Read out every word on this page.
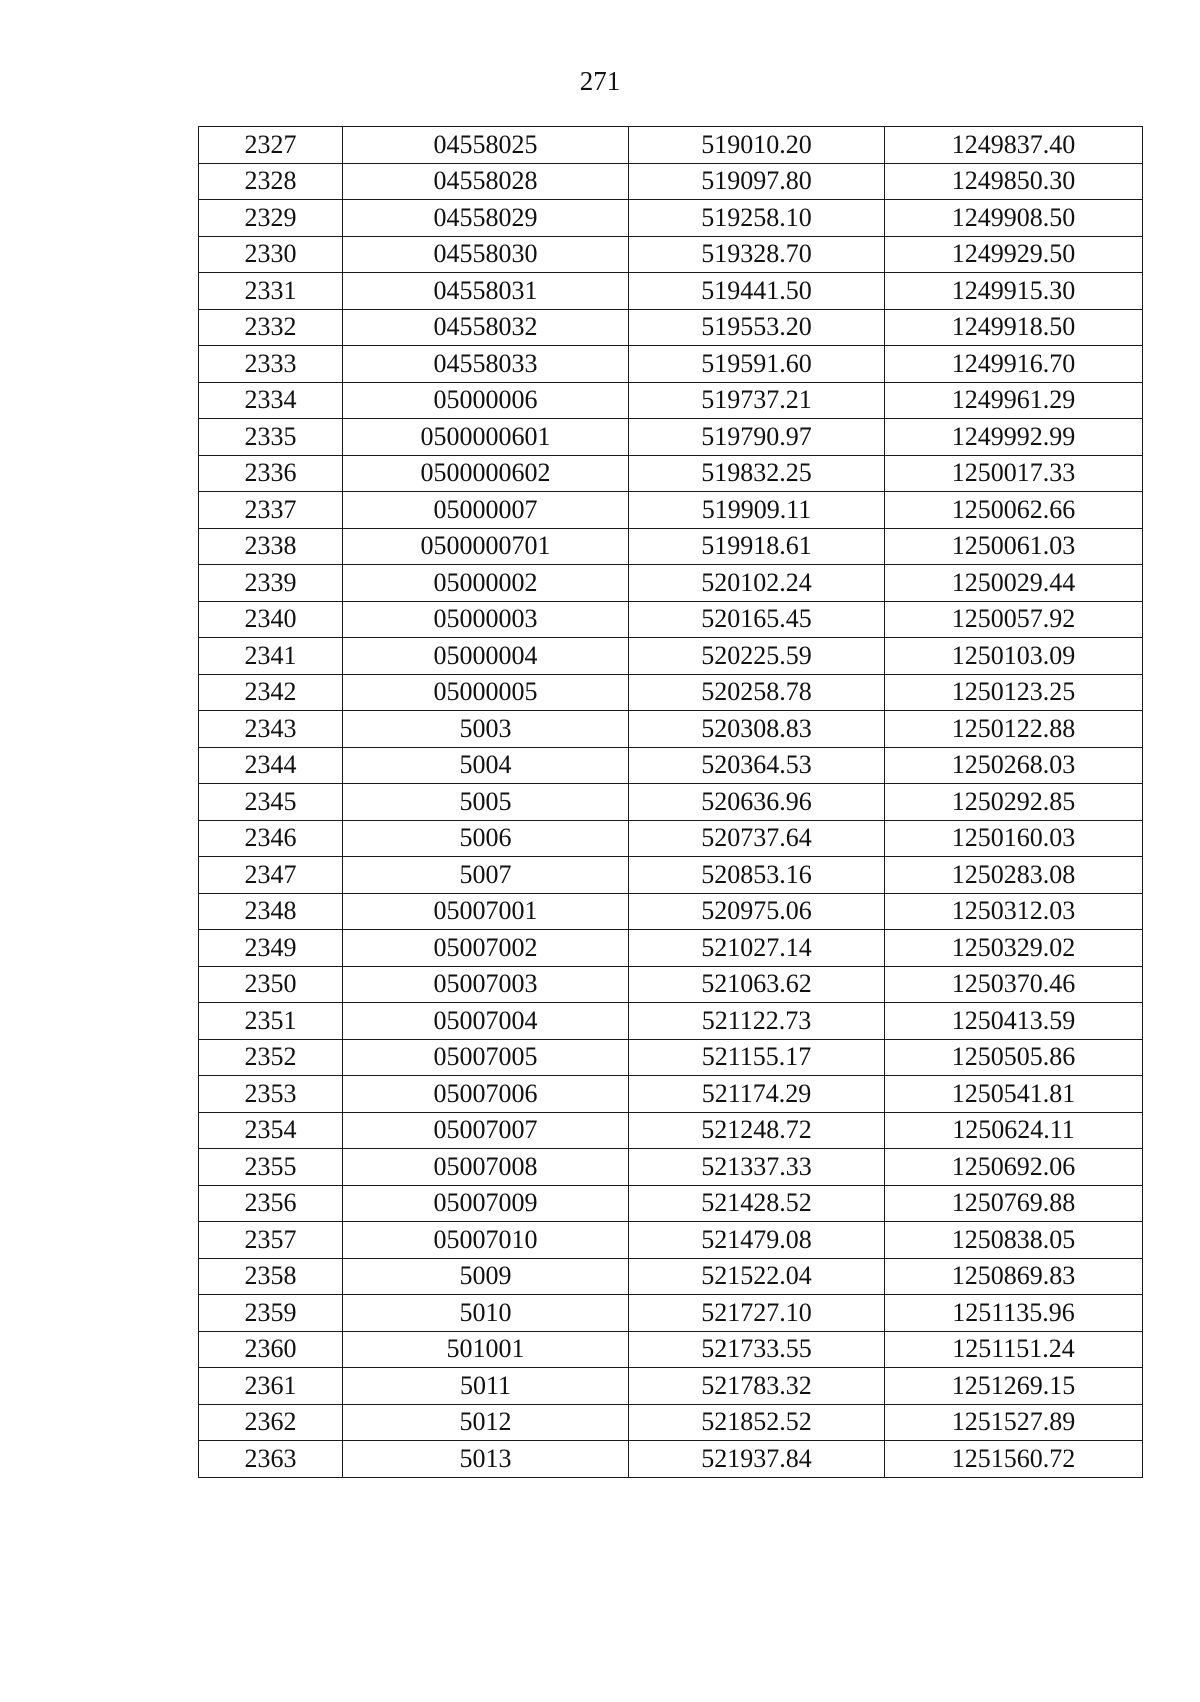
271
2327	04558025	519010.20	1249837.40
2328	04558028	519097.80	1249850.30
2329	04558029	519258.10	1249908.50
2330	04558030	519328.70	1249929.50
2331	04558031	519441.50	1249915.30
2332	04558032	519553.20	1249918.50
2333	04558033	519591.60	1249916.70
2334	05000006	519737.21	1249961.29
2335	0500000601	519790.97	1249992.99
2336	0500000602	519832.25	1250017.33
2337	05000007	519909.11	1250062.66
2338	0500000701	519918.61	1250061.03
2339	05000002	520102.24	1250029.44
2340	05000003	520165.45	1250057.92
2341	05000004	520225.59	1250103.09
2342	05000005	520258.78	1250123.25
2343	5003	520308.83	1250122.88
2344	5004	520364.53	1250268.03
2345	5005	520636.96	1250292.85
2346	5006	520737.64	1250160.03
2347	5007	520853.16	1250283.08
2348	05007001	520975.06	1250312.03
2349	05007002	521027.14	1250329.02
2350	05007003	521063.62	1250370.46
2351	05007004	521122.73	1250413.59
2352	05007005	521155.17	1250505.86
2353	05007006	521174.29	1250541.81
2354	05007007	521248.72	1250624.11
2355	05007008	521337.33	1250692.06
2356	05007009	521428.52	1250769.88
2357	05007010	521479.08	1250838.05
2358	5009	521522.04	1250869.83
2359	5010	521727.10	1251135.96
2360	501001	521733.55	1251151.24
2361	5011	521783.32	1251269.15
2362	5012	521852.52	1251527.89
2363	5013	521937.84	1251560.72
